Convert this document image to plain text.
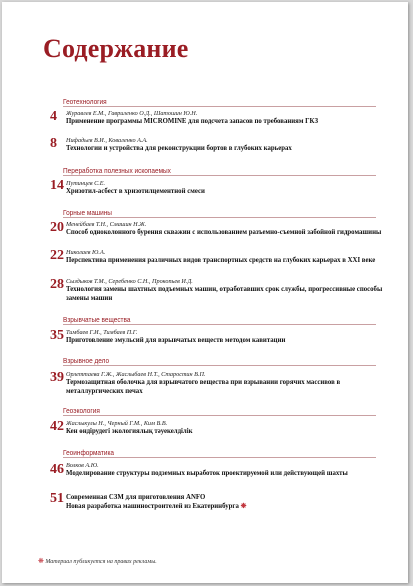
Содержание
Геотехнология
4 Журавлев Е.М., Гавриленко О.Д., Шатошин Ю.Н.
Применение программы MICROMINE для подсчета запасов по требованиям ГКЗ
8 Нифадьев В.И., Коваленко А.А.
Технологии и устройства для реконструкции бортов в глубоких карьерах
Переработка полезных ископаемых
14 Путинцев С.Е.
Хризотил-асбест в хризотилцементной смеси
Горные машины
20 Менейбаев Т.Н., Смашин Н.Ж.
Способ одноколонного бурения скважин с использованием разъемно-съемной забойной гидромашины
22 Николаев Ю.А.
Перспектива применения различных видов транспортных средств на глубоких карьерах в XXI веке
28 Сыздыков Т.М., Серебенко С.Н., Прокопьев И.Д.
Технология замены шахтных подъемных машин, отработавших срок службы, прогрессивные способы замены машин
Взрывчатые вещества
35 Тимбаев Г.И., Тимбаев П.Г.
Приготовление эмульсий для взрывчатых веществ методом кавитации
Взрывное дело
39 Орлеттаева Г.Ж., Жаслыбаев Н.Т., Старостин В.П.
Термозащитная оболочка для взрывчатого вещества при взрывании горячих массивов в металлургических печах
Геоэкология
42 Жаслыкулы Н., Черный Г.М., Ким В.В.
Кен өндірудегі экологиялық тәуекелділік
Геоинформатика
46 Волков А.Ю.
Моделирование структуры подземных выработок проектируемой или действующей шахты
51 Современная СЗМ для приготовления ANFO
Новая разработка машиностроителей из Екатеринбурга ❋
❋ Материал публикуется на правах рекламы.
